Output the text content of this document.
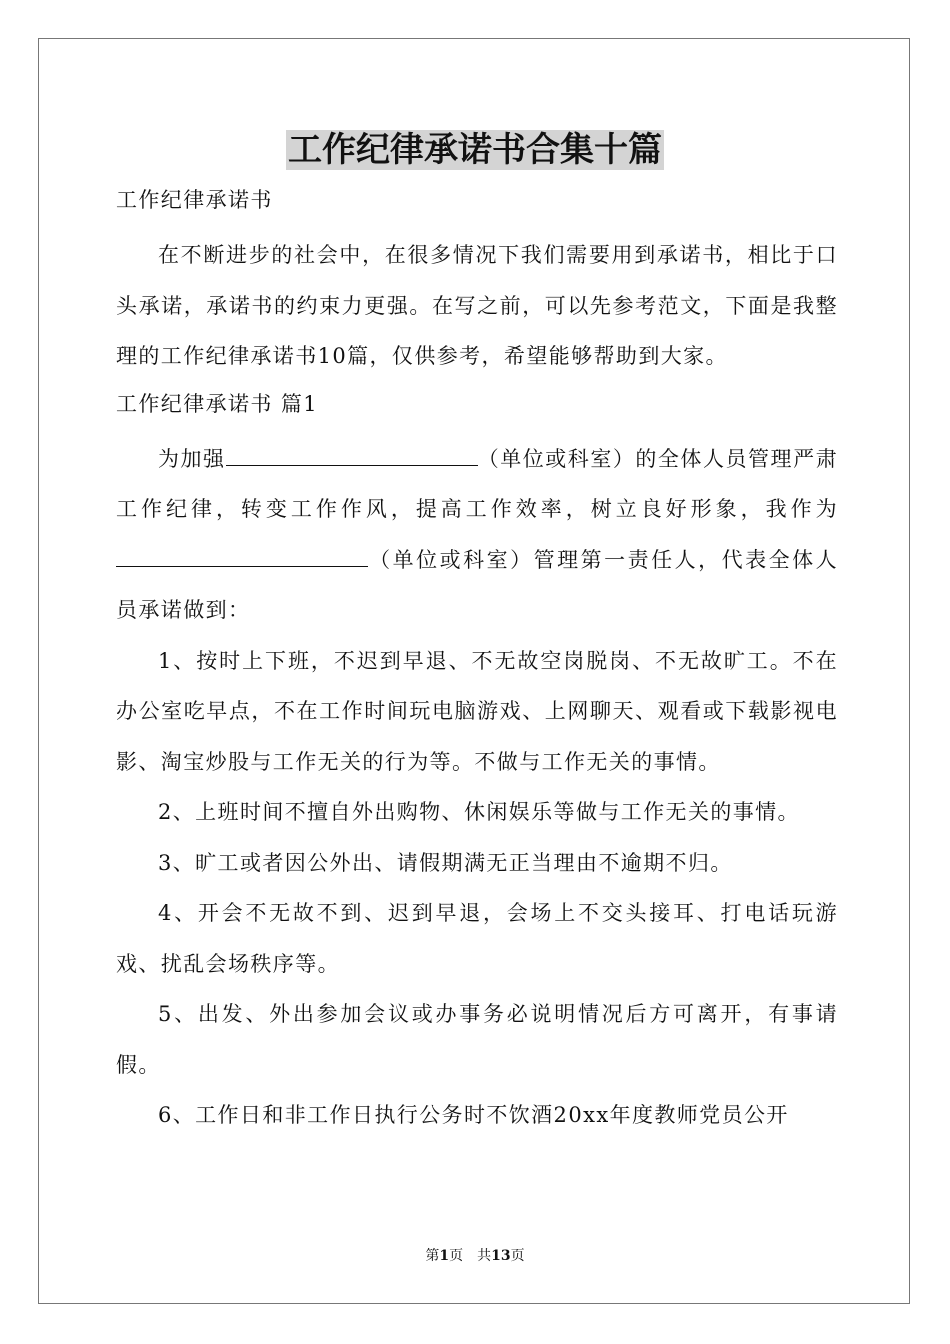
工作纪律承诺书合集十篇
工作纪律承诺书

在不断进步的社会中，在很多情况下我们需要用到承诺书，相比于口头承诺，承诺书的约束力更强。在写之前，可以先参考范文，下面是我整理的工作纪律承诺书10篇，仅供参考，希望能够帮助到大家。

工作纪律承诺书 篇1

为加强	（单位或科室）的全体人员管理严肃工作纪律，转变工作作风，提高工作效率，树立良好形象，我作为（单位或科室）管理第一责任人，代表全体人员承诺做到：

1、按时上下班，不迟到早退、不无故空岗脱岗、不无故旷工。不在办公室吃早点，不在工作时间玩电脑游戏、上网聊天、观看或下载影视电影、淘宝炒股与工作无关的行为等。不做与工作无关的事情。

2、上班时间不擅自外出购物、休闲娱乐等做与工作无关的事情。

3、旷工或者因公外出、请假期满无正当理由不逾期不归。

4、开会不无故不到、迟到早退，会场上不交头接耳、打电话玩游戏、扰乱会场秩序等。

5、出发、外出参加会议或办事务必说明情况后方可离开，有事请假。

6、工作日和非工作日执行公务时不饮酒20xx年度教师党员公开

第1页　共13页
